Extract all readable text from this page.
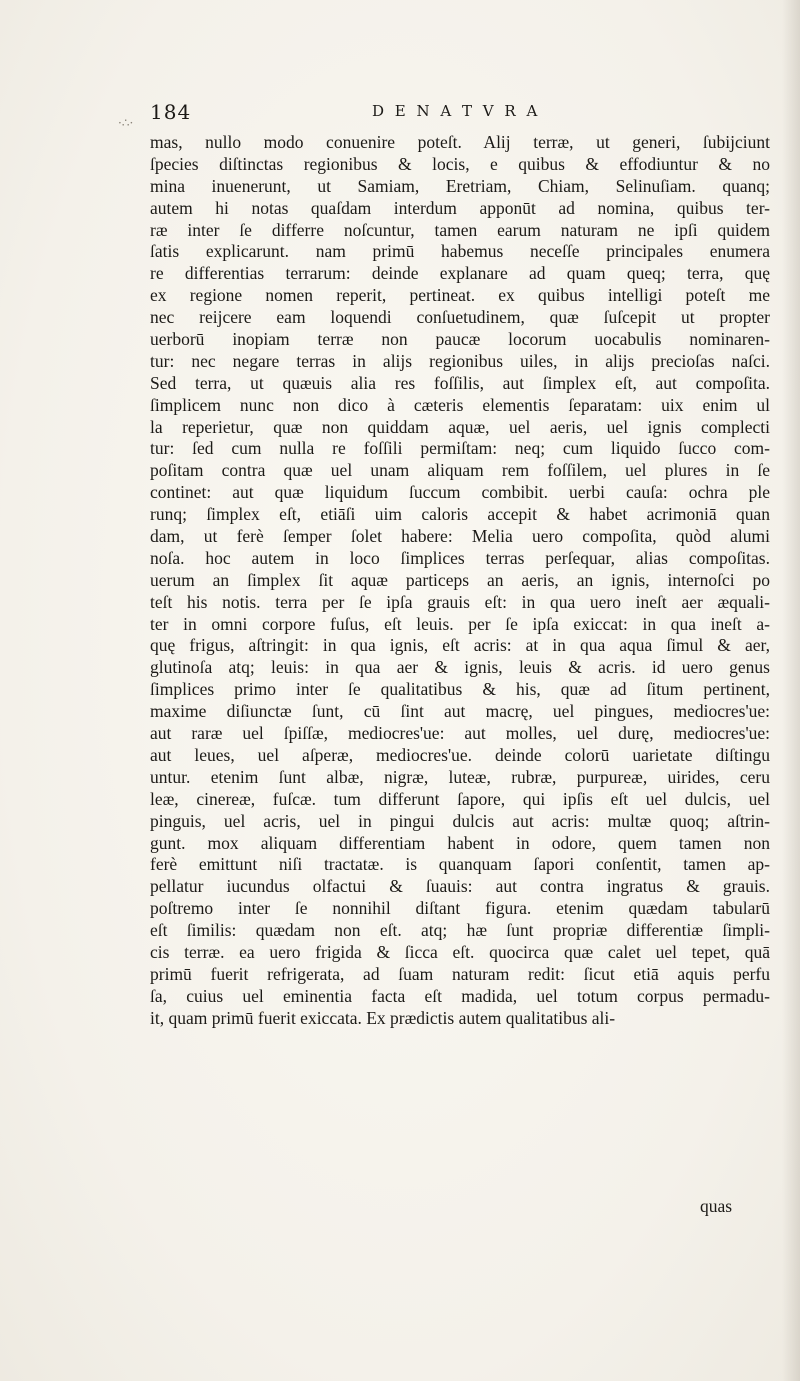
·∴· 184	D E N A T V R A
mas, nullo modo conuenire poteſt. Alij terræ, ut generi, ſubijciunt
ſpecies diſtinctas regionibus & locis, e quibus & effodiuntur & no
mina inuenerunt, ut Samiam, Eretriam, Chiam, Selinuſiam. quanq;
autem hi notas quaſdam interdum apponūt ad nomina, quibus ter-
ræ inter ſe differre noſcuntur, tamen earum naturam ne ipſi quidem
ſatis explicarunt. nam primū habemus neceſſe principales enumera
re differentias terrarum: deinde explanare ad quam queq; terra, quę
ex regione nomen reperit, pertineat. ex quibus intelligi poteſt me
nec reijcere eam loquendi conſuetudinem, quæ ſuſcepit ut propter
uerborū inopiam terræ non paucæ locorum uocabulis nominaren-
tur: nec negare terras in alijs regionibus uiles, in alijs precioſas naſci.
Sed terra, ut quæuis alia res foſſilis, aut ſimplex eſt, aut compoſita.
ſimplicem nunc non dico à cæteris elementis ſeparatam: uix enim ul
la reperietur, quæ non quiddam aquæ, uel aeris, uel ignis complecti
tur: ſed cum nulla re foſſili permiſtam: neq; cum liquido ſucco com-
poſitam contra quæ uel unam aliquam rem foſſilem, uel plures in ſe
continet: aut quæ liquidum ſuccum combibit. uerbi cauſa: ochra ple
runq; ſimplex eſt, etiāſi uim caloris accepit & habet acrimoniā quan
dam, ut ferè ſemper ſolet habere: Melia uero compoſita, quòd alumi
noſa. hoc autem in loco ſimplices terras perſequar, alias compoſitas.
uerum an ſimplex ſit aquæ particeps an aeris, an ignis, internoſci po
teſt his notis. terra per ſe ipſa grauis eſt: in qua uero ineſt aer æquali-
ter in omni corpore fuſus, eſt leuis. per ſe ipſa exiccat: in qua ineſt a-
quę frigus, aſtringit: in qua ignis, eſt acris: at in qua aqua ſimul & aer,
glutinoſa atq; leuis: in qua aer & ignis, leuis & acris. id uero genus
ſimplices primo inter ſe qualitatibus & his, quæ ad ſitum pertinent,
maxime diſiunctæ ſunt, cū ſint aut macrę, uel pingues, mediocres'ue:
aut raræ uel ſpiſſæ, mediocres'ue: aut molles, uel durę, mediocres'ue:
aut leues, uel aſperæ, mediocres'ue. deinde colorū uarietate diſtingu
untur. etenim ſunt albæ, nigræ, luteæ, rubræ, purpureæ, uirides, ceru
leæ, cinereæ, fuſcæ. tum differunt ſapore, qui ipſis eſt uel dulcis, uel
pinguis, uel acris, uel in pingui dulcis aut acris: multæ quoq; aſtrin-
gunt. mox aliquam differentiam habent in odore, quem tamen non
ferè emittunt niſi tractatæ. is quanquam ſapori conſentit, tamen ap-
pellatur iucundus olfactui & ſuauis: aut contra ingratus & grauis.
poſtremo inter ſe nonnihil diſtant figura. etenim quædam tabularū
eſt ſimilis: quædam non eſt. atq; hæ ſunt propriæ differentiæ ſimpli-
cis terræ. ea uero frigida & ſicca eſt. quocirca quæ calet uel tepet, quā
primū fuerit refrigerata, ad ſuam naturam redit: ſicut etiā aquis perfu
ſa, cuius uel eminentia facta eſt madida, uel totum corpus permadu-
it, quam primū fuerit exiccata. Ex prædictis autem qualitatibus ali-
quas
